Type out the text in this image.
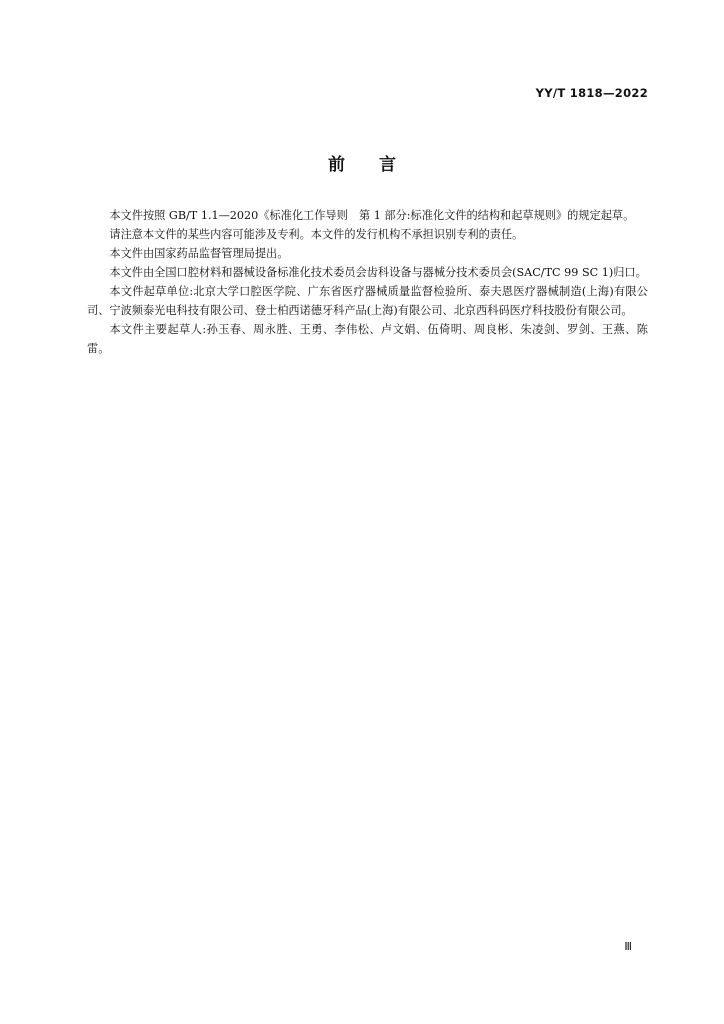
YY/T 1818—2022
前言

本文件按照 GB/T 1.1—2020《标准化工作导则　第 1 部分:标准化文件的结构和起草规则》的规定起草。

请注意本文件的某些内容可能涉及专利。本文件的发行机构不承担识别专利的责任。

本文件由国家药品监督管理局提出。

本文件由全国口腔材料和器械设备标准化技术委员会齿科设备与器械分技术委员会(SAC/TC 99 SC 1)归口。

本文件起草单位:北京大学口腔医学院、广东省医疗器械质量监督检验所、泰夫恩医疗器械制造(上海)有限公司、宁波频泰光电科技有限公司、登士柏西诺德牙科产品(上海)有限公司、北京西科码医疗科技股份有限公司。

本文件主要起草人:孙玉春、周永胜、王勇、李伟松、卢文娟、伍倚明、周良彬、朱凌剑、罗剑、王燕、陈雷。

Ⅲ
